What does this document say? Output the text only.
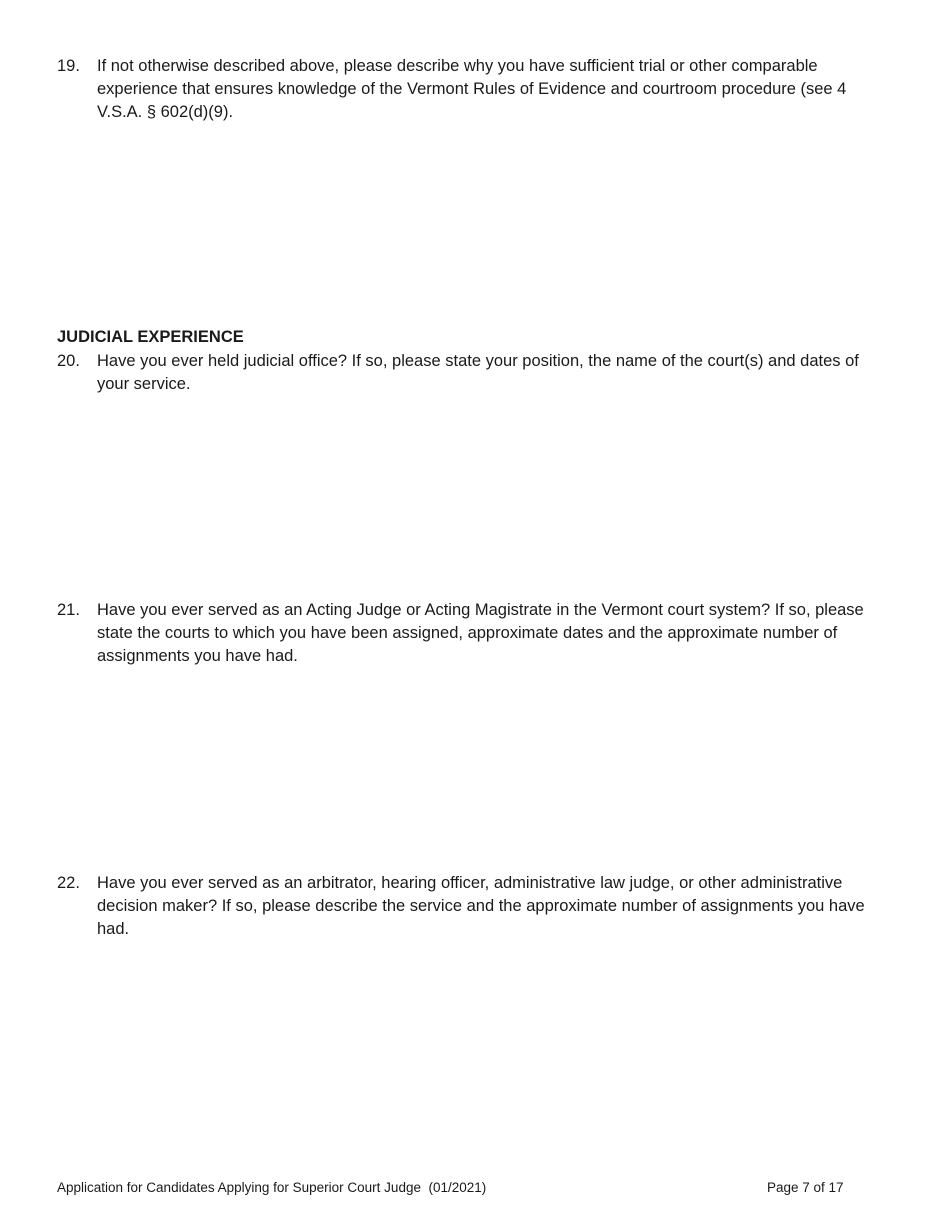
19.	If not otherwise described above, please describe why you have sufficient trial or other comparable experience that ensures knowledge of the Vermont Rules of Evidence and courtroom procedure (see 4 V.S.A. § 602(d)(9).
JUDICIAL EXPERIENCE
20.	Have you ever held judicial office? If so, please state your position, the name of the court(s) and dates of your service.
21.	Have you ever served as an Acting Judge or Acting Magistrate in the Vermont court system? If so, please state the courts to which you have been assigned, approximate dates and the approximate number of assignments you have had.
22.	Have you ever served as an arbitrator, hearing officer, administrative law judge, or other administrative decision maker? If so, please describe the service and the approximate number of assignments you have had.
Application for Candidates Applying for Superior Court Judge  (01/2021)	Page 7 of 17
